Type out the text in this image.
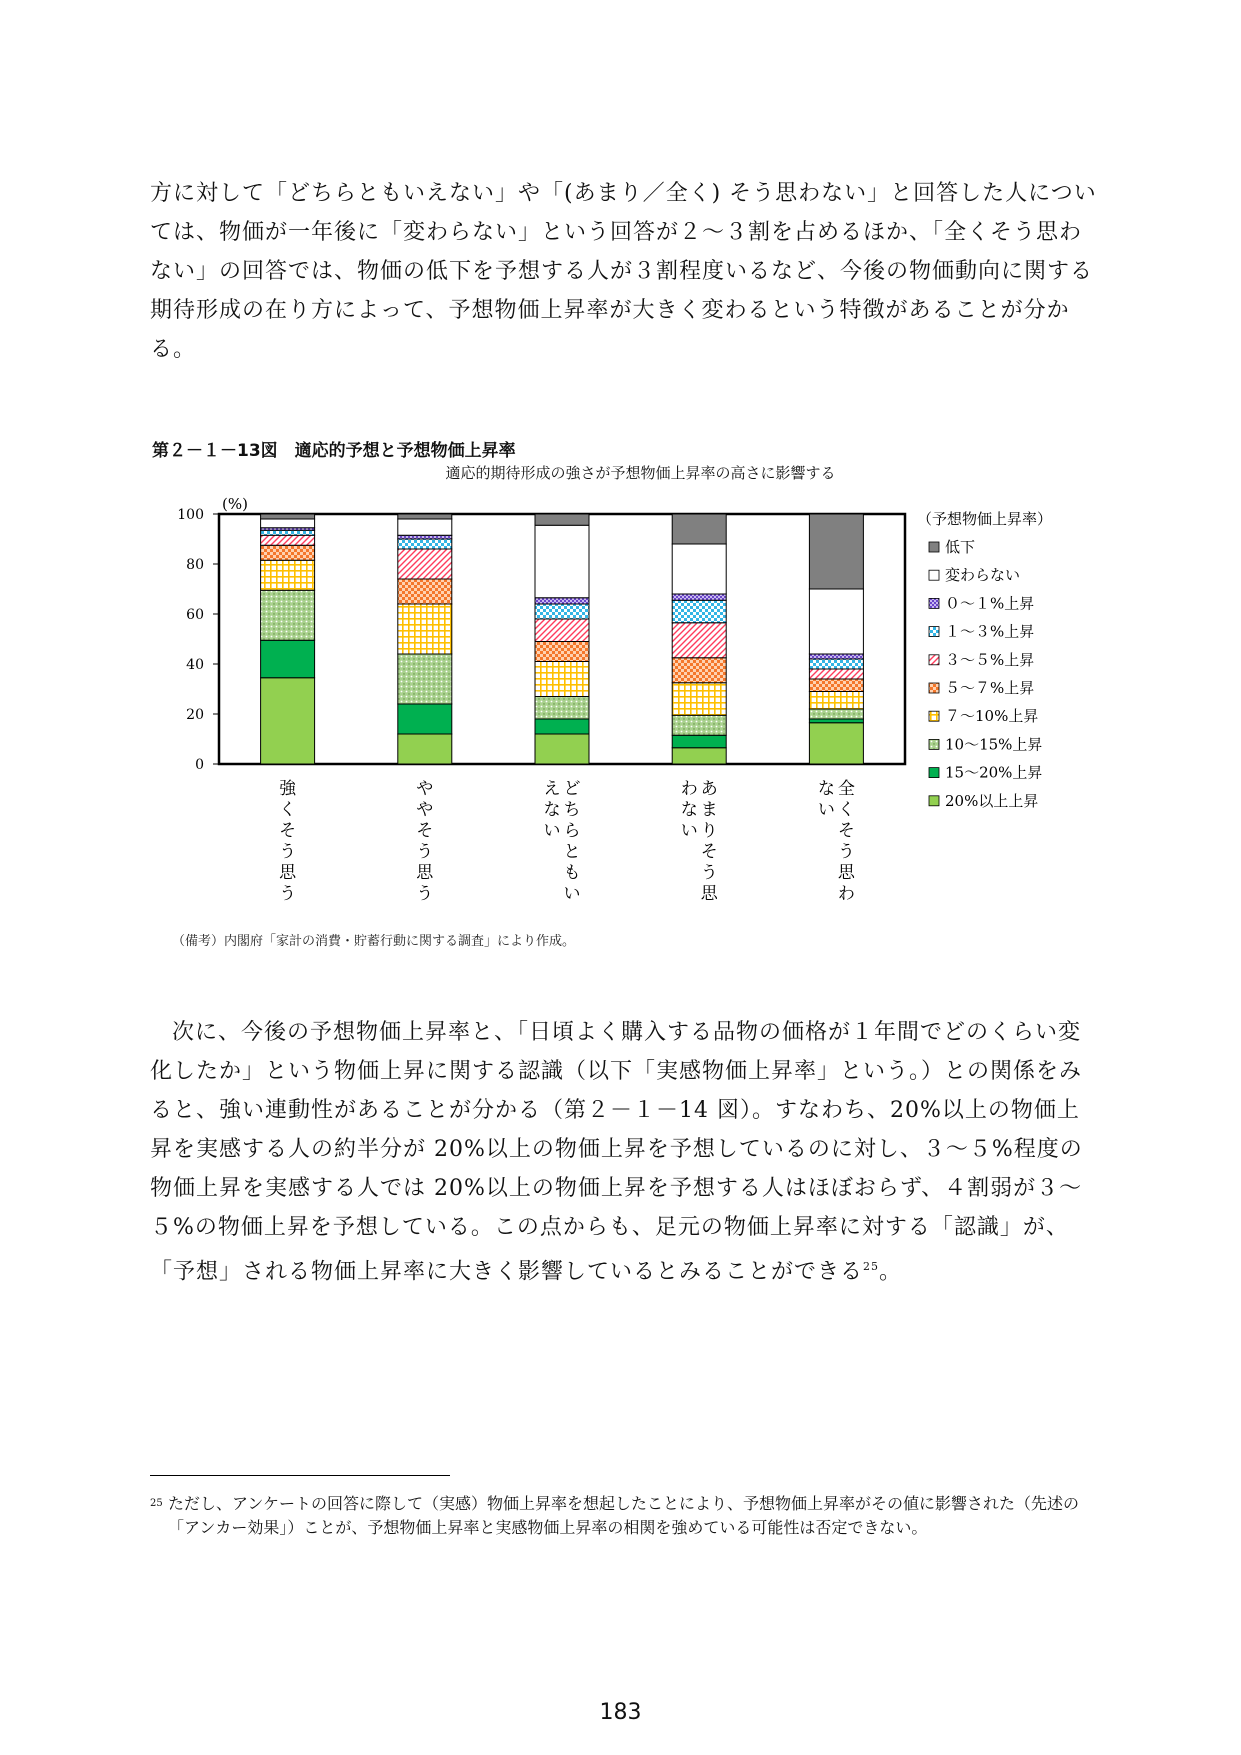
方に対して「どちらともいえない」や「(あまり／全く) そう思わない」と回答した人については、物価が一年後に「変わらない」という回答が２～３割を占めるほか、「全くそう思わない」の回答では、物価の低下を予想する人が３割程度いるなど、今後の物価動向に関する期待形成の在り方によって、予想物価上昇率が大きく変わるという特徴があることが分かる。
第２－１－13図　適応的予想と予想物価上昇率
適応的期待形成の強さが予想物価上昇率の高さに影響する
0
20
40
60
80
100
(%)
強
く
そ
う
思
う
や
や
そ
う
思
う
ど
ち
ら
と
も
い
え
な
い
あ
ま
り
そ
う
思
わ
な
い
全
く
そ
う
思
わ
な
い
（予想物価上昇率）
低下
変わらない
０～１%上昇
１～３%上昇
３～５%上昇
５～７%上昇
７～10%上昇
10～15%上昇
15～20%上昇
20%以上上昇
（備考）内閣府「家計の消費・貯蓄行動に関する調査」により作成。
次に、今後の予想物価上昇率と、「日頃よく購入する品物の価格が１年間でどのくらい変化したか」という物価上昇に関する認識（以下「実感物価上昇率」という。）との関係をみると、強い連動性があることが分かる（第２－１－14 図）。すなわち、20%以上の物価上昇を実感する人の約半分が 20%以上の物価上昇を予想しているのに対し、３～５%程度の物価上昇を実感する人では 20%以上の物価上昇を予想する人はほぼおらず、４割弱が３～５%の物価上昇を予想している。この点からも、足元の物価上昇率に対する「認識」が、「予想」される物価上昇率に大きく影響しているとみることができる$^{25}$。
25 ただし、アンケートの回答に際して（実感）物価上昇率を想起したことにより、予想物価上昇率がその値に影響された（先述の「アンカー効果」）ことが、予想物価上昇率と実感物価上昇率の相関を強めている可能性は否定できない。
183
